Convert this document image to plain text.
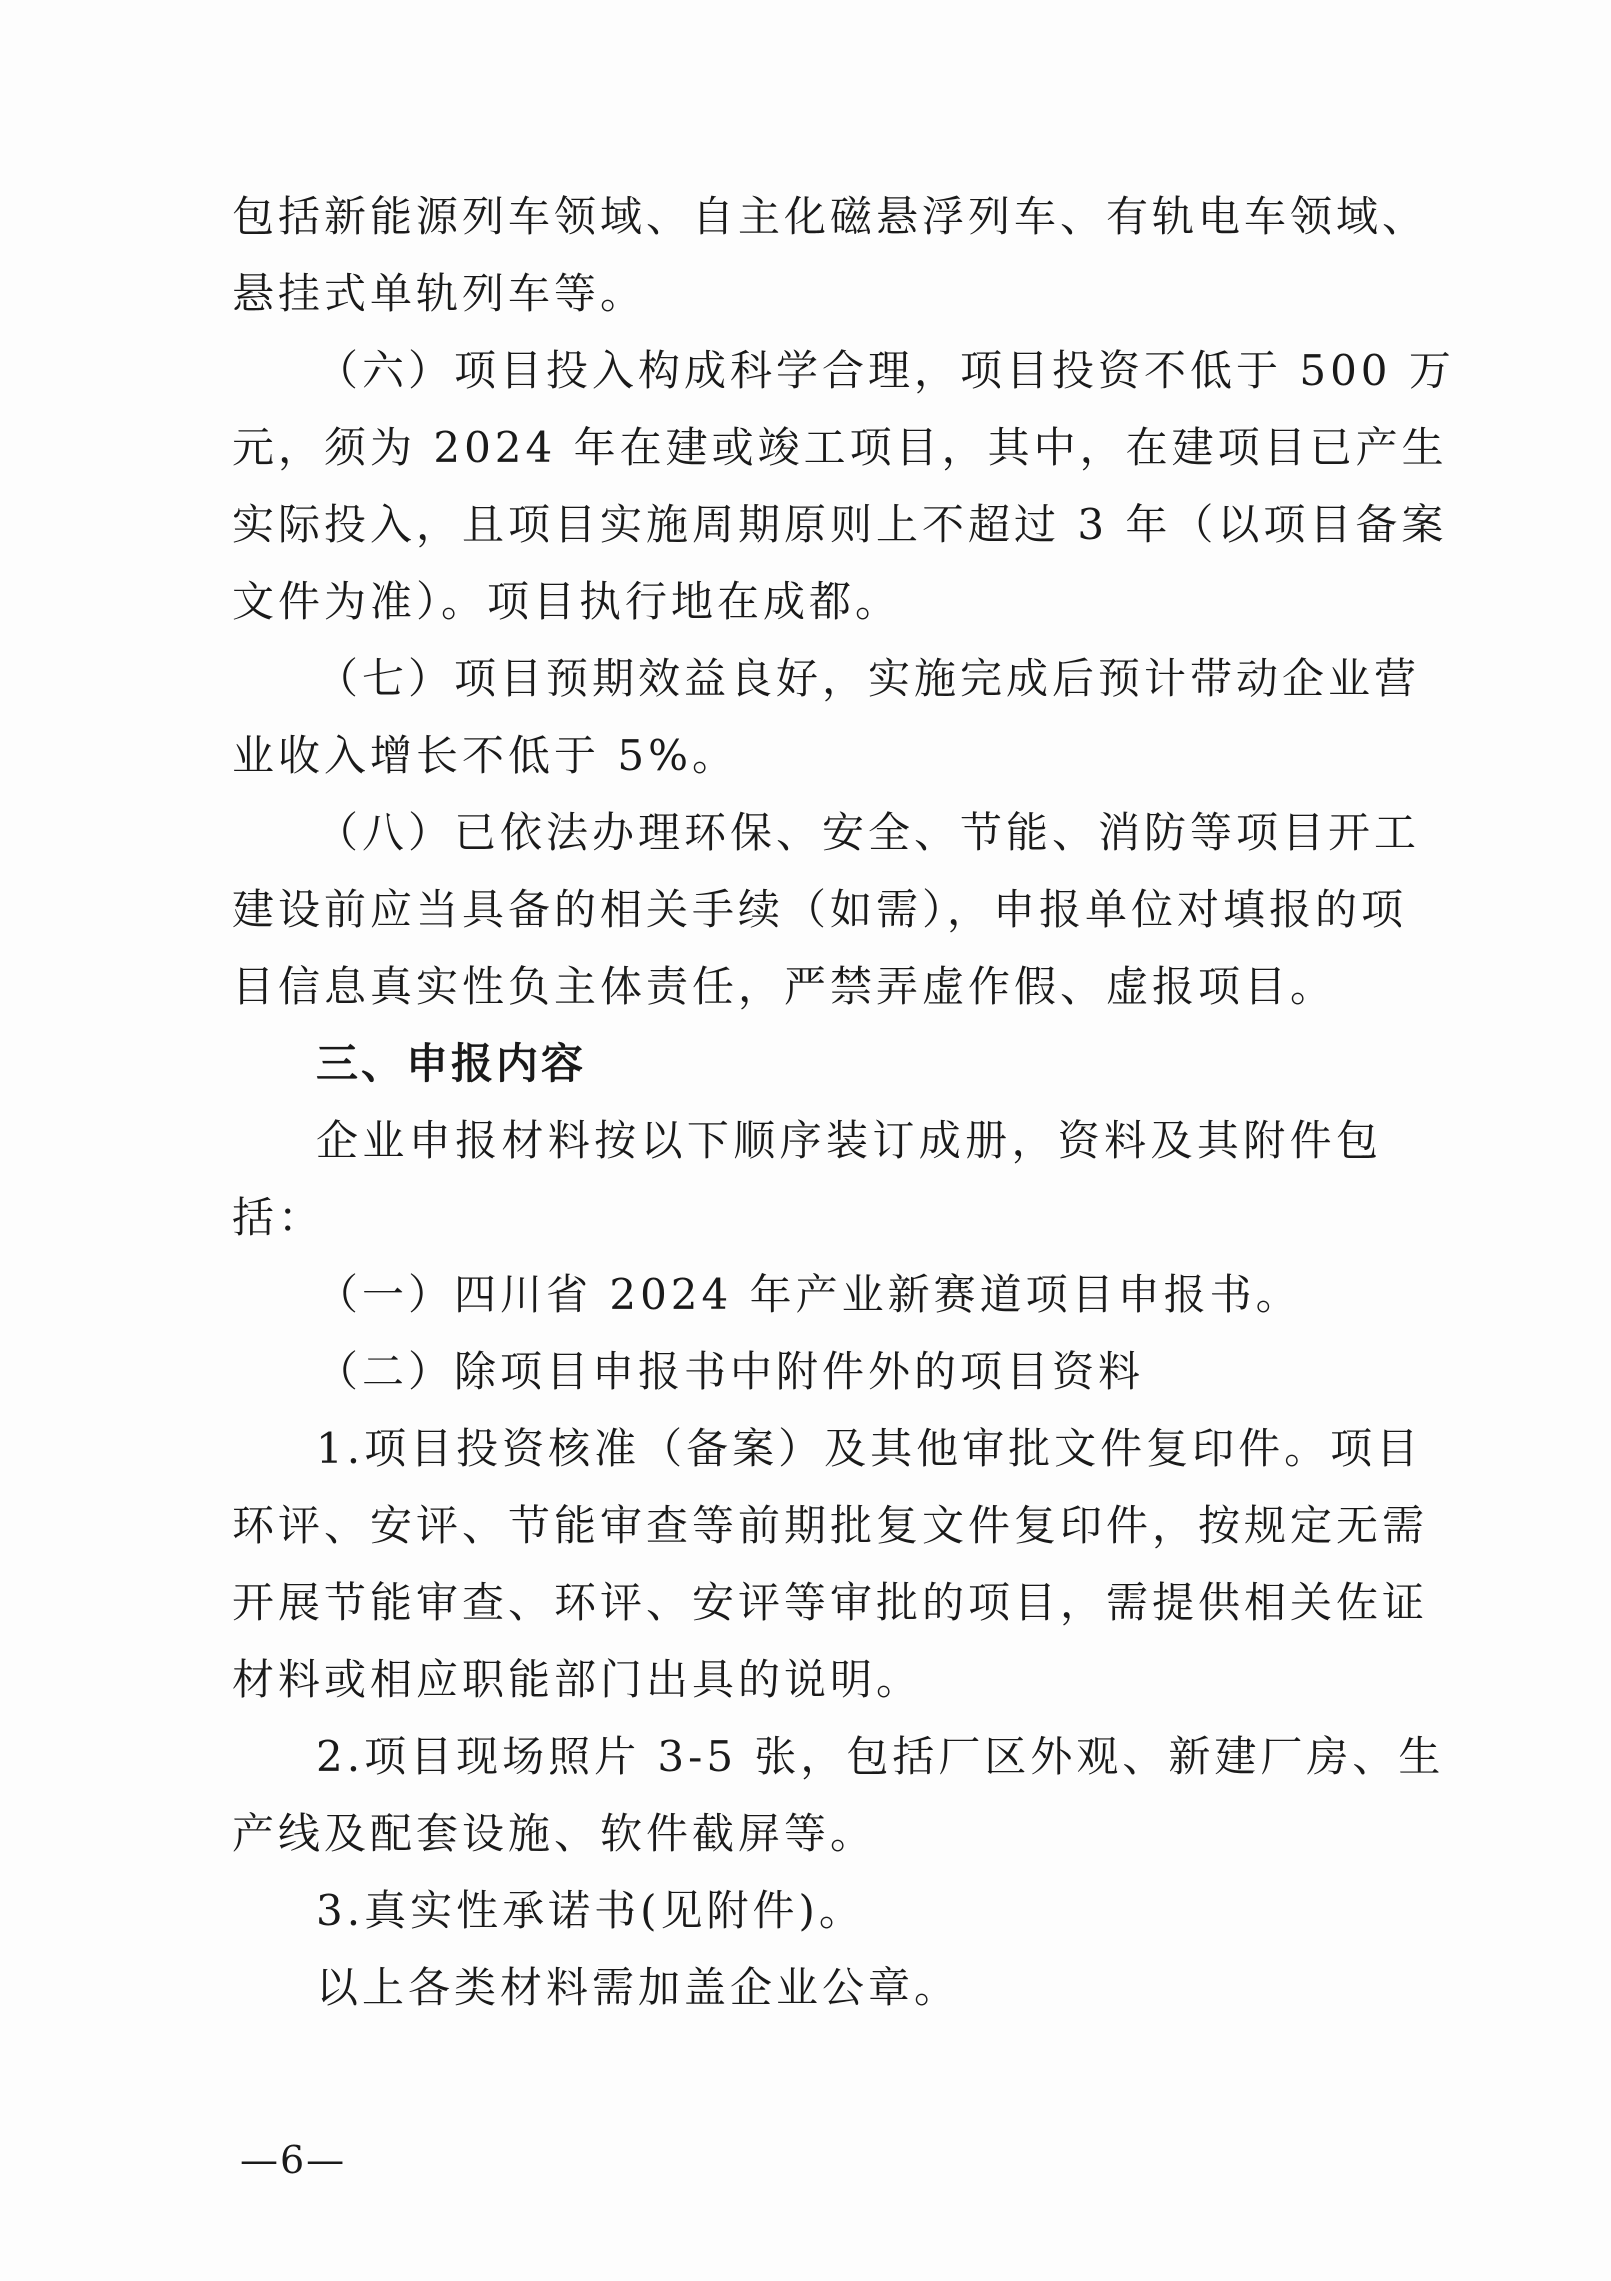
包括新能源列车领域、自主化磁悬浮列车、有轨电车领域、
悬挂式单轨列车等。
（六）项目投入构成科学合理，项目投资不低于 500 万
元，须为 2024 年在建或竣工项目，其中，在建项目已产生
实际投入，且项目实施周期原则上不超过 3 年（以项目备案
文件为准）。项目执行地在成都。
（七）项目预期效益良好，实施完成后预计带动企业营
业收入增长不低于 5%。
（八）已依法办理环保、安全、节能、消防等项目开工
建设前应当具备的相关手续（如需），申报单位对填报的项
目信息真实性负主体责任，严禁弄虚作假、虚报项目。
三、申报内容
企业申报材料按以下顺序装订成册，资料及其附件包
括：
（一）四川省 2024 年产业新赛道项目申报书。
（二）除项目申报书中附件外的项目资料
1.项目投资核准（备案）及其他审批文件复印件。项目
环评、安评、节能审查等前期批复文件复印件，按规定无需
开展节能审查、环评、安评等审批的项目，需提供相关佐证
材料或相应职能部门出具的说明。
2.项目现场照片 3-5 张，包括厂区外观、新建厂房、生
产线及配套设施、软件截屏等。
3.真实性承诺书(见附件)。
以上各类材料需加盖企业公章。
—6—
